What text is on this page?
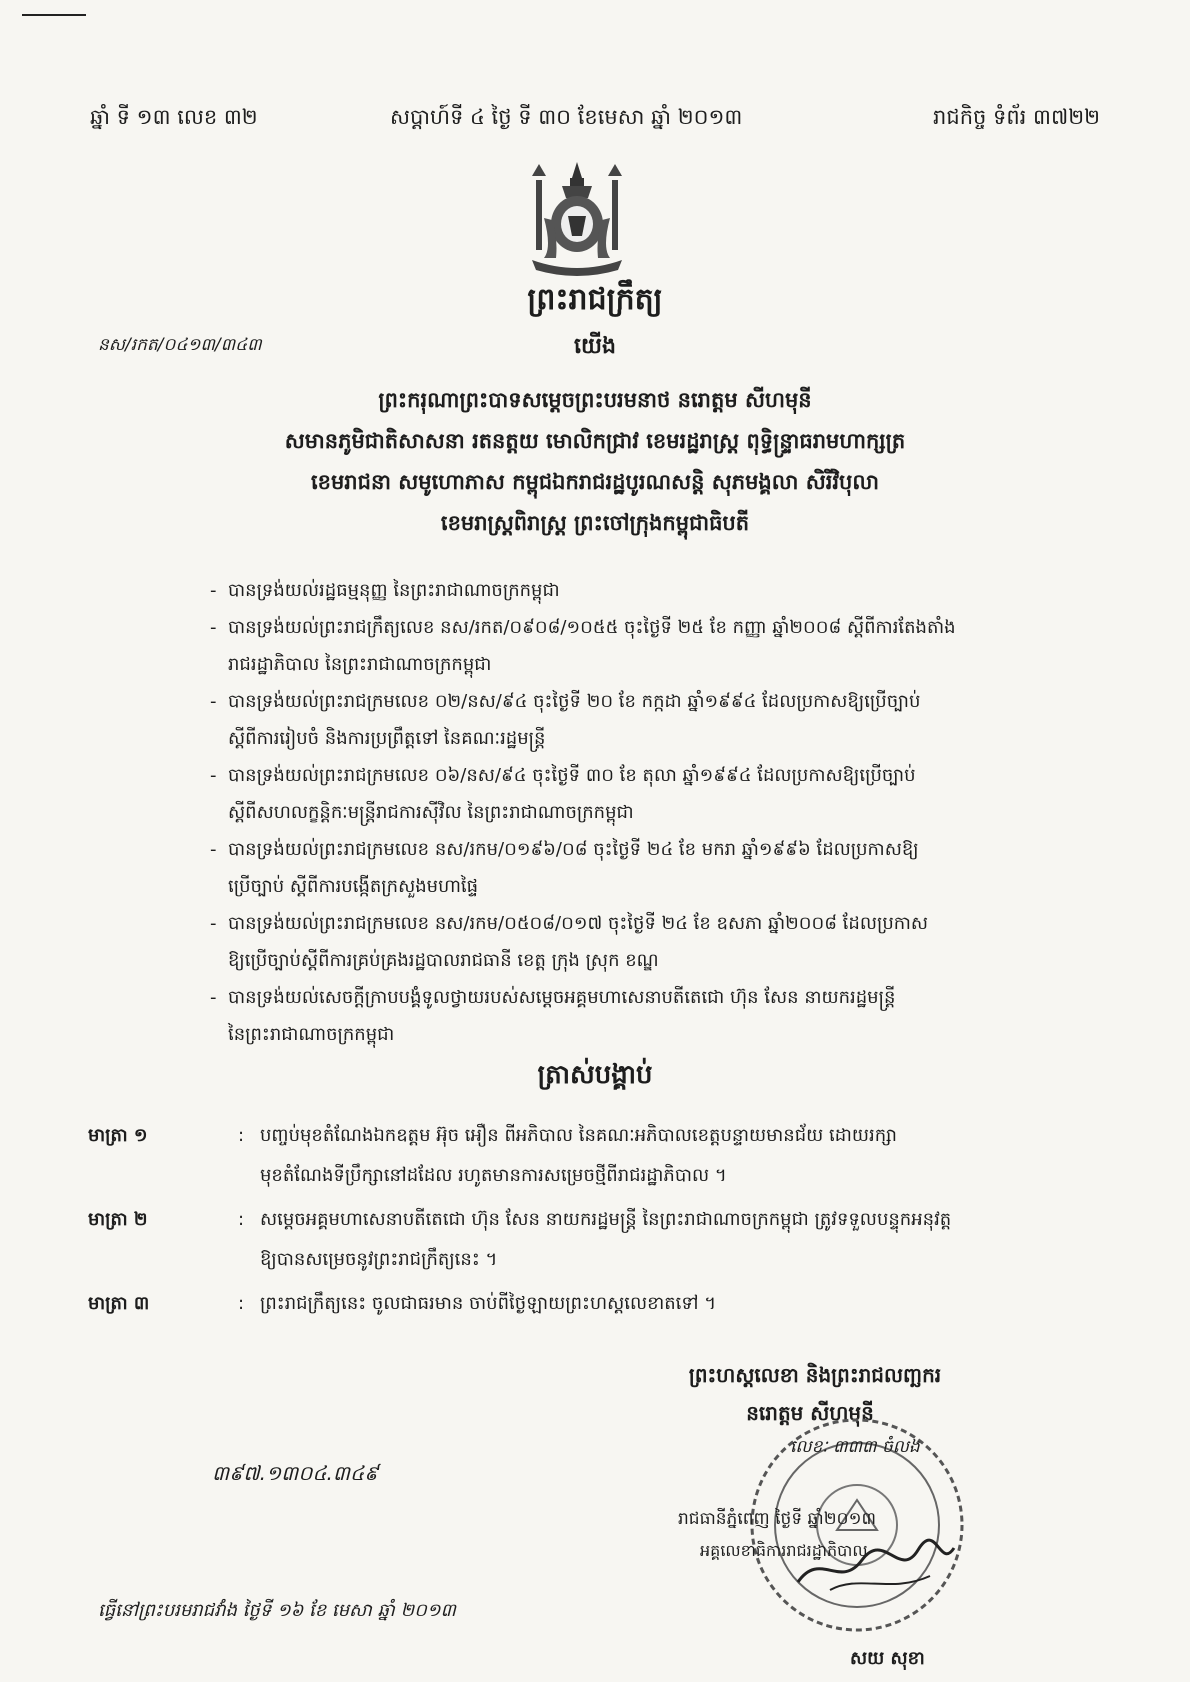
ឆ្នាំ ទី ១៣ លេខ ៣២	សប្តាហ៍ទី ៤ ថ្ងៃ ទី ៣០ ខែមេសា ឆ្នាំ ២០១៣	រាជកិច្ច ទំព័រ ៣៧២២
ព្រះរាជក្រឹត្យ
នស/រកត/០៤១៣/៣៤៣	យើង
ព្រះករុណាព្រះបាទសម្តេចព្រះបរមនាថ នរោត្តម សីហមុនី
សមានភូមិជាតិសាសនា រតនត្តយ មោលិកជ្រាវ ខេមរដ្ឋរាស្រ្ត ពុទ្ធិន្រ្ទាធរាមហាក្សត្រ
ខេមរាជនា សមូហោភាស កម្ពុជឯករាជរដ្ឋបូរណសន្តិ សុភមង្គលា សិរីវិបុលា
ខេមរាស្រ្តពិរាស្រ្ត ព្រះចៅក្រុងកម្ពុជាធិបតី
- បានទ្រង់យល់រដ្ឋធម្មនុញ្ញ នៃព្រះរាជាណាចក្រកម្ពុជា
- បានទ្រង់យល់ព្រះរាជក្រឹត្យលេខ នស/រកត/០៩០៨/១០៥៥ ចុះថ្ងៃទី ២៥ ខែ កញ្ញា ឆ្នាំ២០០៨ ស្តីពីការតែងតាំង
រាជរដ្ឋាភិបាល នៃព្រះរាជាណាចក្រកម្ពុជា
- បានទ្រង់យល់ព្រះរាជក្រមលេខ ០២/នស/៩៤ ចុះថ្ងៃទី ២០ ខែ កក្កដា ឆ្នាំ១៩៩៤ ដែលប្រកាសឱ្យប្រើច្បាប់
ស្តីពីការរៀបចំ និងការប្រព្រឹត្តទៅ នៃគណៈរដ្ឋមន្ត្រី
- បានទ្រង់យល់ព្រះរាជក្រមលេខ ០៦/នស/៩៤ ចុះថ្ងៃទី ៣០ ខែ តុលា ឆ្នាំ១៩៩៤ ដែលប្រកាសឱ្យប្រើច្បាប់
ស្តីពីសហលក្ខន្តិកៈមន្ត្រីរាជការស៊ីវិល នៃព្រះរាជាណាចក្រកម្ពុជា
- បានទ្រង់យល់ព្រះរាជក្រមលេខ នស/រកម/០១៩៦/០៨ ចុះថ្ងៃទី ២៤ ខែ មករា ឆ្នាំ១៩៩៦ ដែលប្រកាសឱ្យ
ប្រើច្បាប់ ស្តីពីការបង្កើតក្រសួងមហាផ្ទៃ
- បានទ្រង់យល់ព្រះរាជក្រមលេខ នស/រកម/០៥០៨/០១៧ ចុះថ្ងៃទី ២៤ ខែ ឧសភា ឆ្នាំ២០០៨ ដែលប្រកាស
ឱ្យប្រើច្បាប់ស្តីពីការគ្រប់គ្រងរដ្ឋបាលរាជធានី ខេត្ត ក្រុង ស្រុក ខណ្ឌ
- បានទ្រង់យល់សេចក្តីក្រាបបង្គំទូលថ្វាយរបស់សម្តេចអគ្គមហាសេនាបតីតេជោ ហ៊ុន សែន នាយករដ្ឋមន្ត្រី
នៃព្រះរាជាណាចក្រកម្ពុជា
ត្រាស់បង្គាប់
មាត្រា ១	: បញ្ចប់មុខតំណែងឯកឧត្តម អ៊ុច អឿន ពីអភិបាល នៃគណៈអភិបាលខេត្តបន្ទាយមានជ័យ ដោយរក្សា
មុខតំណែងទីប្រឹក្សានៅដដែល រហូតមានការសម្រេចថ្មីពីរាជរដ្ឋាភិបាល ។
មាត្រា ២	: សម្តេចអគ្គមហាសេនាបតីតេជោ ហ៊ុន សែន នាយករដ្ឋមន្ត្រី នៃព្រះរាជាណាចក្រកម្ពុជា ត្រូវទទួលបន្ទុកអនុវត្ត
ឱ្យបានសម្រេចនូវព្រះរាជក្រឹត្យនេះ ។
មាត្រា ៣	: ព្រះរាជក្រឹត្យនេះ ចូលជាធរមាន ចាប់ពីថ្ងៃឡាយព្រះហស្តលេខាតទៅ ។
ព្រះហស្តលេខា និងព្រះរាជលញ្ឆករ
នរោត្តម សីហមុនី
៣៩៧.១៣០៤.៣៤៩
លេខៈ ៣៣៣ ចំលង
រាជធានីភ្នំពេញ ថ្ងៃទី ឆ្នាំ២០១៣
អគ្គលេខាធិការរាជរដ្ឋាភិបាល
សយ សុខា
ធ្វើនៅព្រះបរមរាជវាំង ថ្ងៃទី ១៦ ខែ មេសា ឆ្នាំ ២០១៣
